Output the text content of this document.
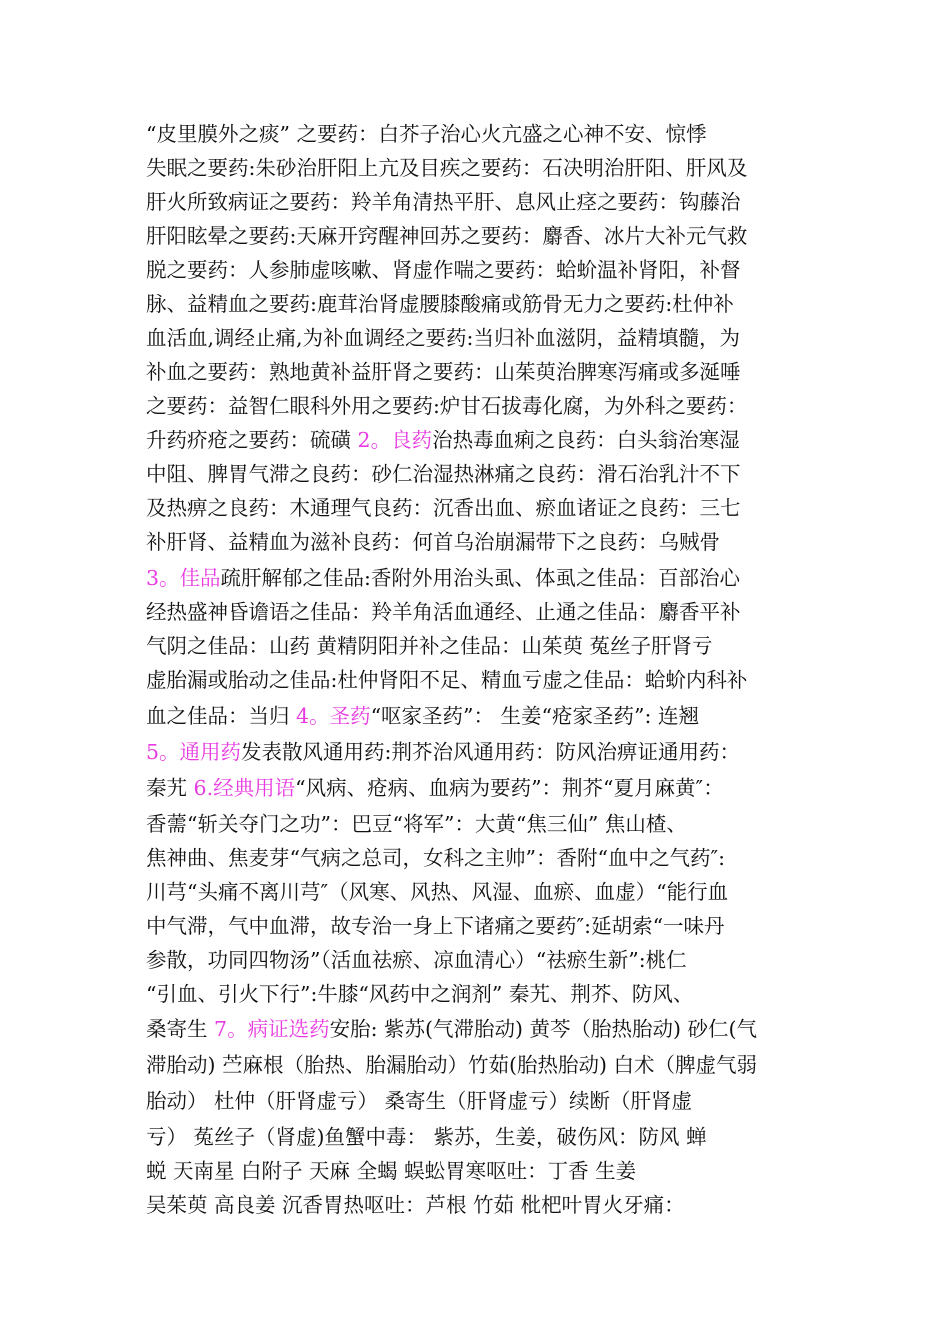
“皮里膜外之痰” 之要药：白芥子治心火亢盛之心神不安、惊悸
失眠之要药:朱砂治肝阳上亢及目疾之要药：石决明治肝阳、肝风及
肝火所致病证之要药：羚羊角清热平肝、息风止痉之要药：钩藤治
肝阳眩晕之要药:天麻开窍醒神回苏之要药：麝香、冰片大补元气救
脱之要药：人参肺虚咳嗽、肾虚作喘之要药：蛤蚧温补肾阳，补督
脉、益精血之要药:鹿茸治肾虚腰膝酸痛或筋骨无力之要药:杜仲补
血活血,调经止痛,为补血调经之要药:当归补血滋阴，益精填髓，为
补血之要药：熟地黄补益肝肾之要药：山茱萸治脾寒泻痛或多涎唾
之要药：益智仁眼科外用之要药:炉甘石拔毒化腐，为外科之要药：
升药疥疮之要药：硫磺 2。良药治热毒血痢之良药：白头翁治寒湿
中阻、脾胃气滞之良药：砂仁治湿热淋痛之良药：滑石治乳汁不下
及热痹之良药：木通理气良药：沉香出血、瘀血诸证之良药：三七
补肝肾、益精血为滋补良药：何首乌治崩漏带下之良药：乌贼骨
3。佳品疏肝解郁之佳品:香附外用治头虱、体虱之佳品：百部治心
经热盛神昏谵语之佳品：羚羊角活血通经、止通之佳品：麝香平补
气阴之佳品：山药 黄精阴阳并补之佳品：山茱萸 菟丝子肝肾亏
虚胎漏或胎动之佳品:杜仲肾阳不足、精血亏虚之佳品：蛤蚧内科补
血之佳品：当归 4。圣药“呕家圣药”： 生姜“疮家圣药”: 连翘
5。通用药发表散风通用药:荆芥治风通用药：防风治痹证通用药：
秦艽 6.经典用语“风病、疮病、血病为要药”：荆芥“夏月麻黄″：
香薷“斩关夺门之功”：巴豆“将军”：大黄“焦三仙” 焦山楂、
焦神曲、焦麦芽“气病之总司，女科之主帅”：香附“血中之气药″:
川芎“头痛不离川芎″（风寒、风热、风湿、血瘀、血虚）“能行血
中气滞，气中血滞，故专治一身上下诸痛之要药″:延胡索“一味丹
参散，功同四物汤”（活血祛瘀、凉血清心）“祛瘀生新”:桃仁
“引血、引火下行”:牛膝“风药中之润剂” 秦艽、荆芥、防风、
桑寄生 7。病证选药安胎: 紫苏(气滞胎动) 黄芩（胎热胎动) 砂仁(气
滞胎动) 苎麻根（胎热、胎漏胎动）竹茹(胎热胎动) 白术（脾虚气弱
胎动） 杜仲（肝肾虚亏） 桑寄生（肝肾虚亏）续断（肝肾虚
亏） 菟丝子（肾虚)鱼蟹中毒： 紫苏，生姜，破伤风：防风 蝉
蜕 天南星 白附子 天麻 全蝎 蜈蚣胃寒呕吐：丁香 生姜
吴茱萸 高良姜 沉香胃热呕吐：芦根 竹茹 枇杷叶胃火牙痛：
